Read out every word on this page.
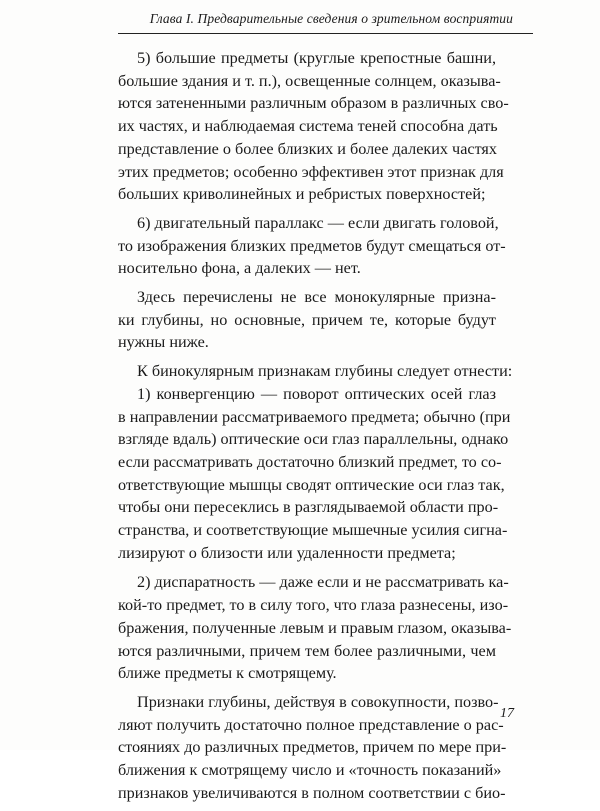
Глава I. Предварительные сведения о зрительном восприятии
5) большие предметы (круглые крепостные башни,
большие здания и т. п.), освещенные солнцем, оказыва-
ются затененными различным образом в различных сво-
их частях, и наблюдаемая система теней способна дать
представление о более близких и более далеких частях
этих предметов; особенно эффективен этот признак для
больших криволинейных и ребристых поверхностей;
6) двигательный параллакс — если двигать головой,
то изображения близких предметов будут смещаться от-
носительно фона, а далеких — нет.
Здесь перечислены не все монокулярные призна-
ки глубины, но основные, причем те, которые будут
нужны ниже.
К бинокулярным признакам глубины следует отнести:
1) конвергенцию — поворот оптических осей глаз
в направлении рассматриваемого предмета; обычно (при
взгляде вдаль) оптические оси глаз параллельны, однако
если рассматривать достаточно близкий предмет, то со-
ответствующие мышцы сводят оптические оси глаз так,
чтобы они пересеклись в разглядываемой области про-
странства, и соответствующие мышечные усилия сигна-
лизируют о близости или удаленности предмета;
2) диспаратность — даже если и не рассматривать ка-
кой-то предмет, то в силу того, что глаза разнесены, изо-
бражения, полученные левым и правым глазом, оказыва-
ются различными, причем тем более различными, чем
ближе предметы к смотрящему.
Признаки глубины, действуя в совокупности, позво-
ляют получить достаточно полное представление о рас-
стояниях до различных предметов, причем по мере при-
ближения к смотрящему число и «точность показаний»
признаков увеличиваются в полном соответствии с био-
17
